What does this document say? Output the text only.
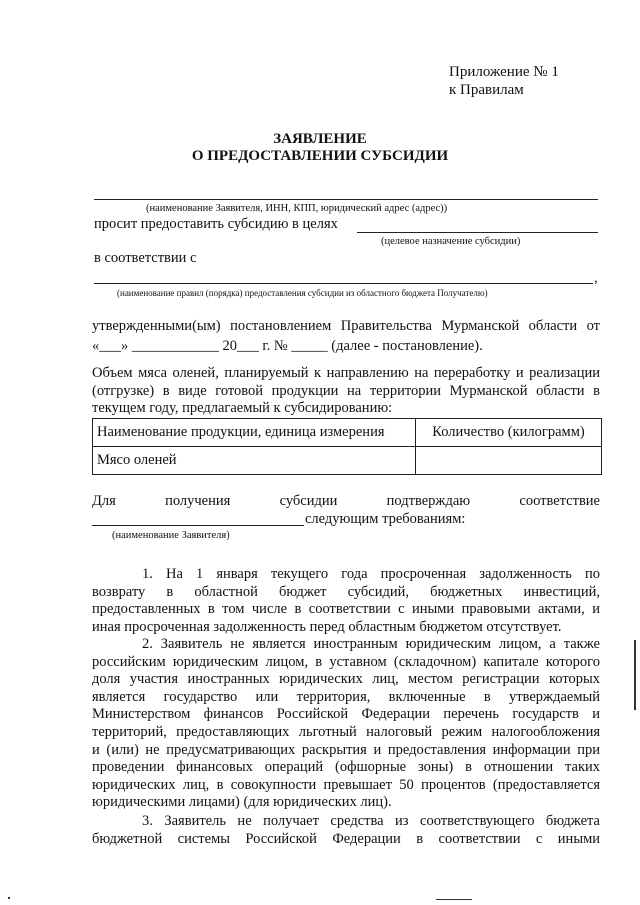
Приложение № 1
к Правилам
ЗАЯВЛЕНИЕ
О ПРЕДОСТАВЛЕНИИ СУБСИДИИ
(наименование Заявителя, ИНН, КПП, юридический адрес (адрес))
просит предоставить субсидию в целях
(целевое назначение субсидии)
в соответствии с
,
(наименование правил (порядка) предоставления субсидии из областного бюджета Получателю)
утвержденными(ым) постановлением Правительства Мурманской области от
«___» ____________ 20___ г. № _____ (далее - постановление).
Объем мяса оленей, планируемый к направлению на переработку и реализации
(отгрузке) в виде готовой продукции на территории Мурманской области в
текущем году, предлагаемый к субсидированию:
Наименование продукции, единица измерения	Количество (килограмм)
Мясо оленей	
Для получения субсидии подтверждаю соответствие
следующим требованиям:
(наименование Заявителя)
1. На 1 января текущего года просроченная задолженность по
возврату в областной бюджет субсидий, бюджетных инвестиций,
предоставленных в том числе в соответствии с иными правовыми актами, и
иная просроченная задолженность перед областным бюджетом отсутствует.
2. Заявитель не является иностранным юридическим лицом, а также
российским юридическим лицом, в уставном (складочном) капитале которого
доля участия иностранных юридических лиц, местом регистрации которых
является государство или территория, включенные в утверждаемый
Министерством финансов Российской Федерации перечень государств и
территорий, предоставляющих льготный налоговый режим налогообложения
и (или) не предусматривающих раскрытия и предоставления информации при
проведении финансовых операций (офшорные зоны) в отношении таких
юридических лиц, в совокупности превышает 50 процентов (предоставляется
юридическими лицами) (для юридических лиц).
3. Заявитель не получает средства из соответствующего бюджета
бюджетной системы Российской Федерации в соответствии с иными
